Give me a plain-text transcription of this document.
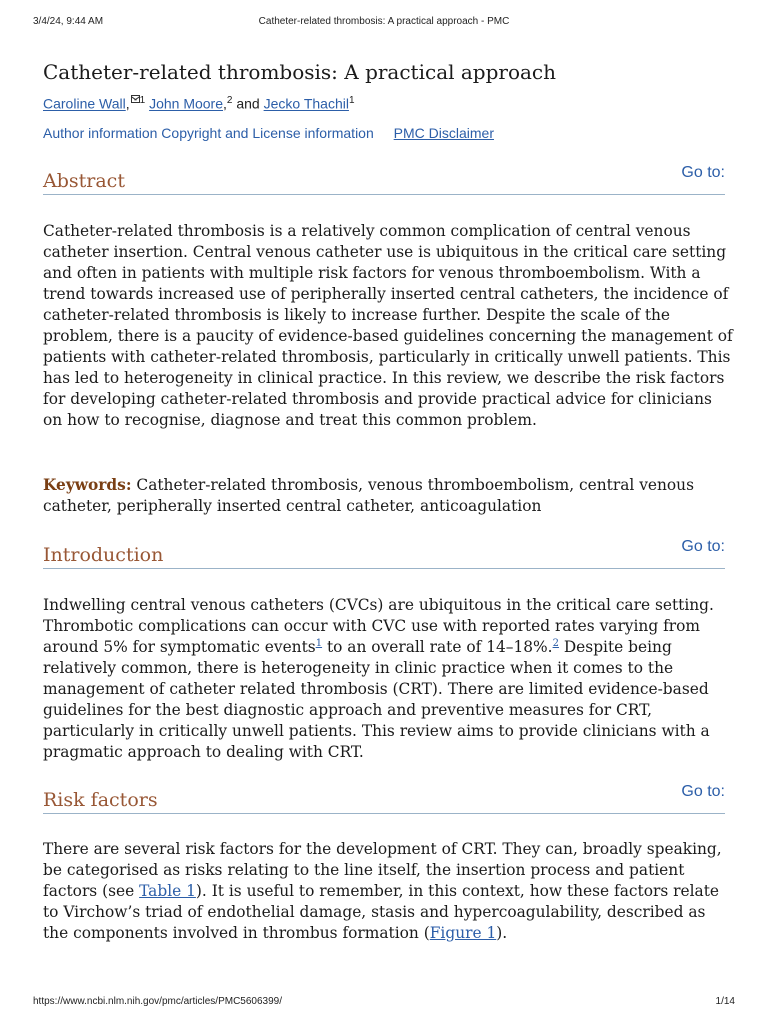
Catheter-related thrombosis: A practical approach - PMC
3/4/24, 9:44 AM
Catheter-related thrombosis: A practical approach
Caroline Wall, $^1$ John Moore,$^2$ and Jecko Thachil$^1$
Author information Copyright and License information PMC Disclaimer
Abstract	Go to:

Catheter-related thrombosis is a relatively common complication of central venous catheter insertion. Central venous catheter use is ubiquitous in the critical care setting and often in patients with multiple risk factors for venous thromboembolism. With a trend towards increased use of peripherally inserted central catheters, the incidence of catheter-related thrombosis is likely to increase further. Despite the scale of the problem, there is a paucity of evidence-based guidelines concerning the management of patients with catheter-related thrombosis, particularly in critically unwell patients. This has led to heterogeneity in clinical practice. In this review, we describe the risk factors for developing catheter-related thrombosis and provide practical advice for clinicians on how to recognise, diagnose and treat this common problem.

Keywords: Catheter-related thrombosis, venous thromboembolism, central venous catheter, peripherally inserted central catheter, anticoagulation

Introduction	Go to:

Indwelling central venous catheters (CVCs) are ubiquitous in the critical care setting. Thrombotic complications can occur with CVC use with reported rates varying from around 5% for symptomatic events$^1$ to an overall rate of 14–18%.$^2$ Despite being relatively common, there is heterogeneity in clinic practice when it comes to the management of catheter related thrombosis (CRT). There are limited evidence-based guidelines for the best diagnostic approach and preventive measures for CRT, particularly in critically unwell patients. This review aims to provide clinicians with a pragmatic approach to dealing with CRT.

Risk factors	Go to:

There are several risk factors for the development of CRT. They can, broadly speaking, be categorised as risks relating to the line itself, the insertion process and patient factors (see Table 1). It is useful to remember, in this context, how these factors relate to Virchow’s triad of endothelial damage, stasis and hypercoagulability, described as the components involved in thrombus formation (Figure 1).

https://www.ncbi.nlm.nih.gov/pmc/articles/PMC5606399/	1/14
